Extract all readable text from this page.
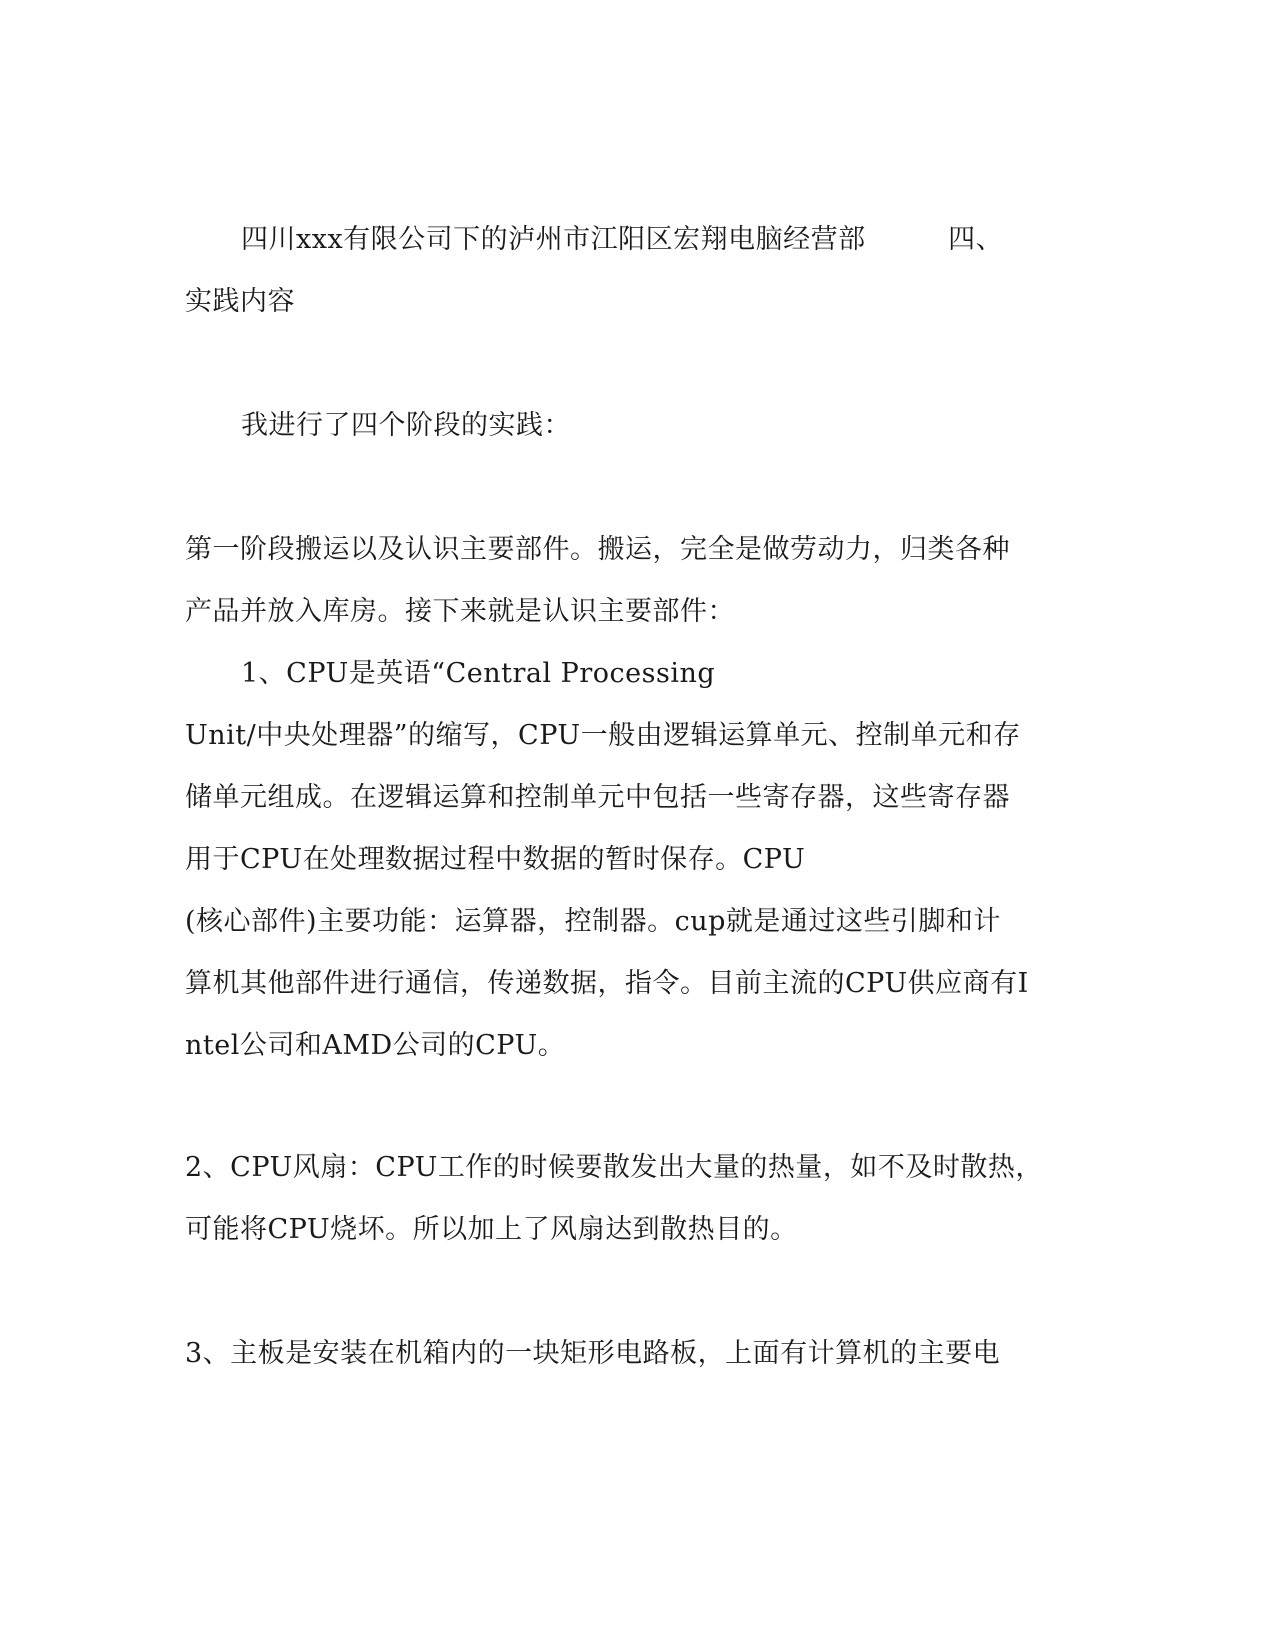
四川xxx有限公司下的泸州市江阳区宏翔电脑经营部　　　四、
实践内容
我进行了四个阶段的实践：
第一阶段搬运以及认识主要部件。搬运，完全是做劳动力，归类各种
产品并放入库房。接下来就是认识主要部件：
1、CPU是英语“Central Processing
Unit/中央处理器”的缩写，CPU一般由逻辑运算单元、控制单元和存
储单元组成。在逻辑运算和控制单元中包括一些寄存器，这些寄存器
用于CPU在处理数据过程中数据的暂时保存。CPU
(核心部件)主要功能：运算器，控制器。cup就是通过这些引脚和计
算机其他部件进行通信，传递数据，指令。目前主流的CPU供应商有I
ntel公司和AMD公司的CPU。
2、CPU风扇：CPU工作的时候要散发出大量的热量，如不及时散热，
可能将CPU烧坏。所以加上了风扇达到散热目的。
3、主板是安装在机箱内的一块矩形电路板，上面有计算机的主要电
